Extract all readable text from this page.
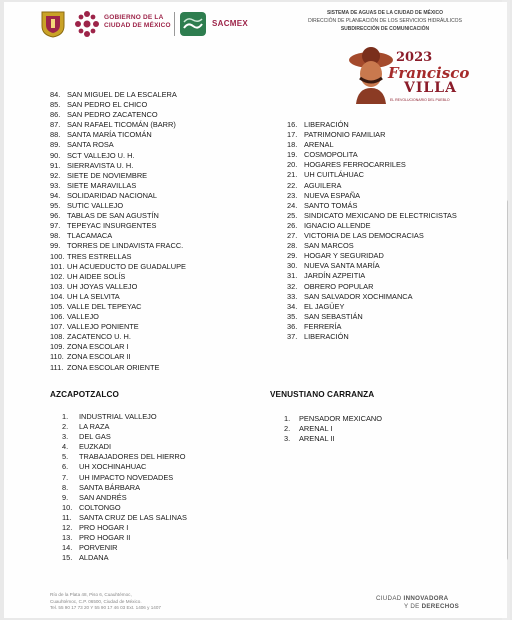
GOBIERNO DE LA
CIUDAD DE MÉXICO	SACMEX
SISTEMA DE AGUAS DE LA CIUDAD DE MÉXICO
DIRECCIÓN DE PLANEACIÓN DE LOS SERVICIOS HIDRÁULICOS
SUBDIRECCIÓN DE COMUNICACIÓN
2023
Francisco
VILLA
EL REVOLUCIONARIO DEL PUEBLO
84. SAN MIGUEL DE LA ESCALERA
85. SAN PEDRO EL CHICO
86. SAN PEDRO ZACATENCO
87. SAN RAFAEL TICOMÁN (BARR)
88. SANTA MARÍA TICOMÁN
89. SANTA ROSA
90. SCT VALLEJO U. H.
91. SIERRAVISTA U. H.
92. SIETE DE NOVIEMBRE
93. SIETE MARAVILLAS
94. SOLIDARIDAD NACIONAL
95. SUTIC VALLEJO
96. TABLAS DE SAN AGUSTÍN
97. TEPEYAC INSURGENTES
98. TLACAMACA
99. TORRES DE LINDAVISTA FRACC.
100. TRES ESTRELLAS
101. UH ACUEDUCTO DE GUADALUPE
102. UH AIDEE SOLÍS
103. UH JOYAS VALLEJO
104. UH LA SELVITA
105. VALLE DEL TEPEYAC
106. VALLEJO
107. VALLEJO PONIENTE
108. ZACATENCO U. H.
109. ZONA ESCOLAR I
110. ZONA ESCOLAR II
111. ZONA ESCOLAR ORIENTE
16. LIBERACIÓN
17. PATRIMONIO FAMILIAR
18. ARENAL
19. COSMOPOLITA
20. HOGARES FERROCARRILES
21. UH CUITLÁHUAC
22. AGUILERA
23. NUEVA ESPAÑA
24. SANTO TOMÁS
25. SINDICATO MEXICANO DE ELECTRICISTAS
26. IGNACIO ALLENDE
27. VICTORIA DE LAS DEMOCRACIAS
28. SAN MARCOS
29. HOGAR Y SEGURIDAD
30. NUEVA SANTA MARÍA
31. JARDÍN AZPEITIA
32. OBRERO POPULAR
33. SAN SALVADOR XOCHIMANCA
34. EL JAGÜEY
35. SAN SEBASTIÁN
36. FERRERÍA
37. LIBERACIÓN
AZCAPOTZALCO	VENUSTIANO CARRANZA
1. INDUSTRIAL VALLEJO
2. LA RAZA
3. DEL GAS
4. EUZKADI
5. TRABAJADORES DEL HIERRO
6. UH XOCHINAHUAC
7. UH IMPACTO NOVEDADES
8. SANTA BÁRBARA
9. SAN ANDRÉS
10. COLTONGO
11. SANTA CRUZ DE LAS SALINAS
12. PRO HOGAR I
13. PRO HOGAR II
14. PORVENIR
15. ALDANA
1. PENSADOR MEXICANO
2. ARENAL I
3. ARENAL II
Río de la Plata 48, Piso 6, Cuauhtémoc,
Cuauhtémoc, C.P. 06500, Ciudad de México.
Tel. 55 90 17 73 20 Y 55 90 17 46 03 Ext. 1406 y 1407
CIUDAD INNOVADORA
Y DE DERECHOS
